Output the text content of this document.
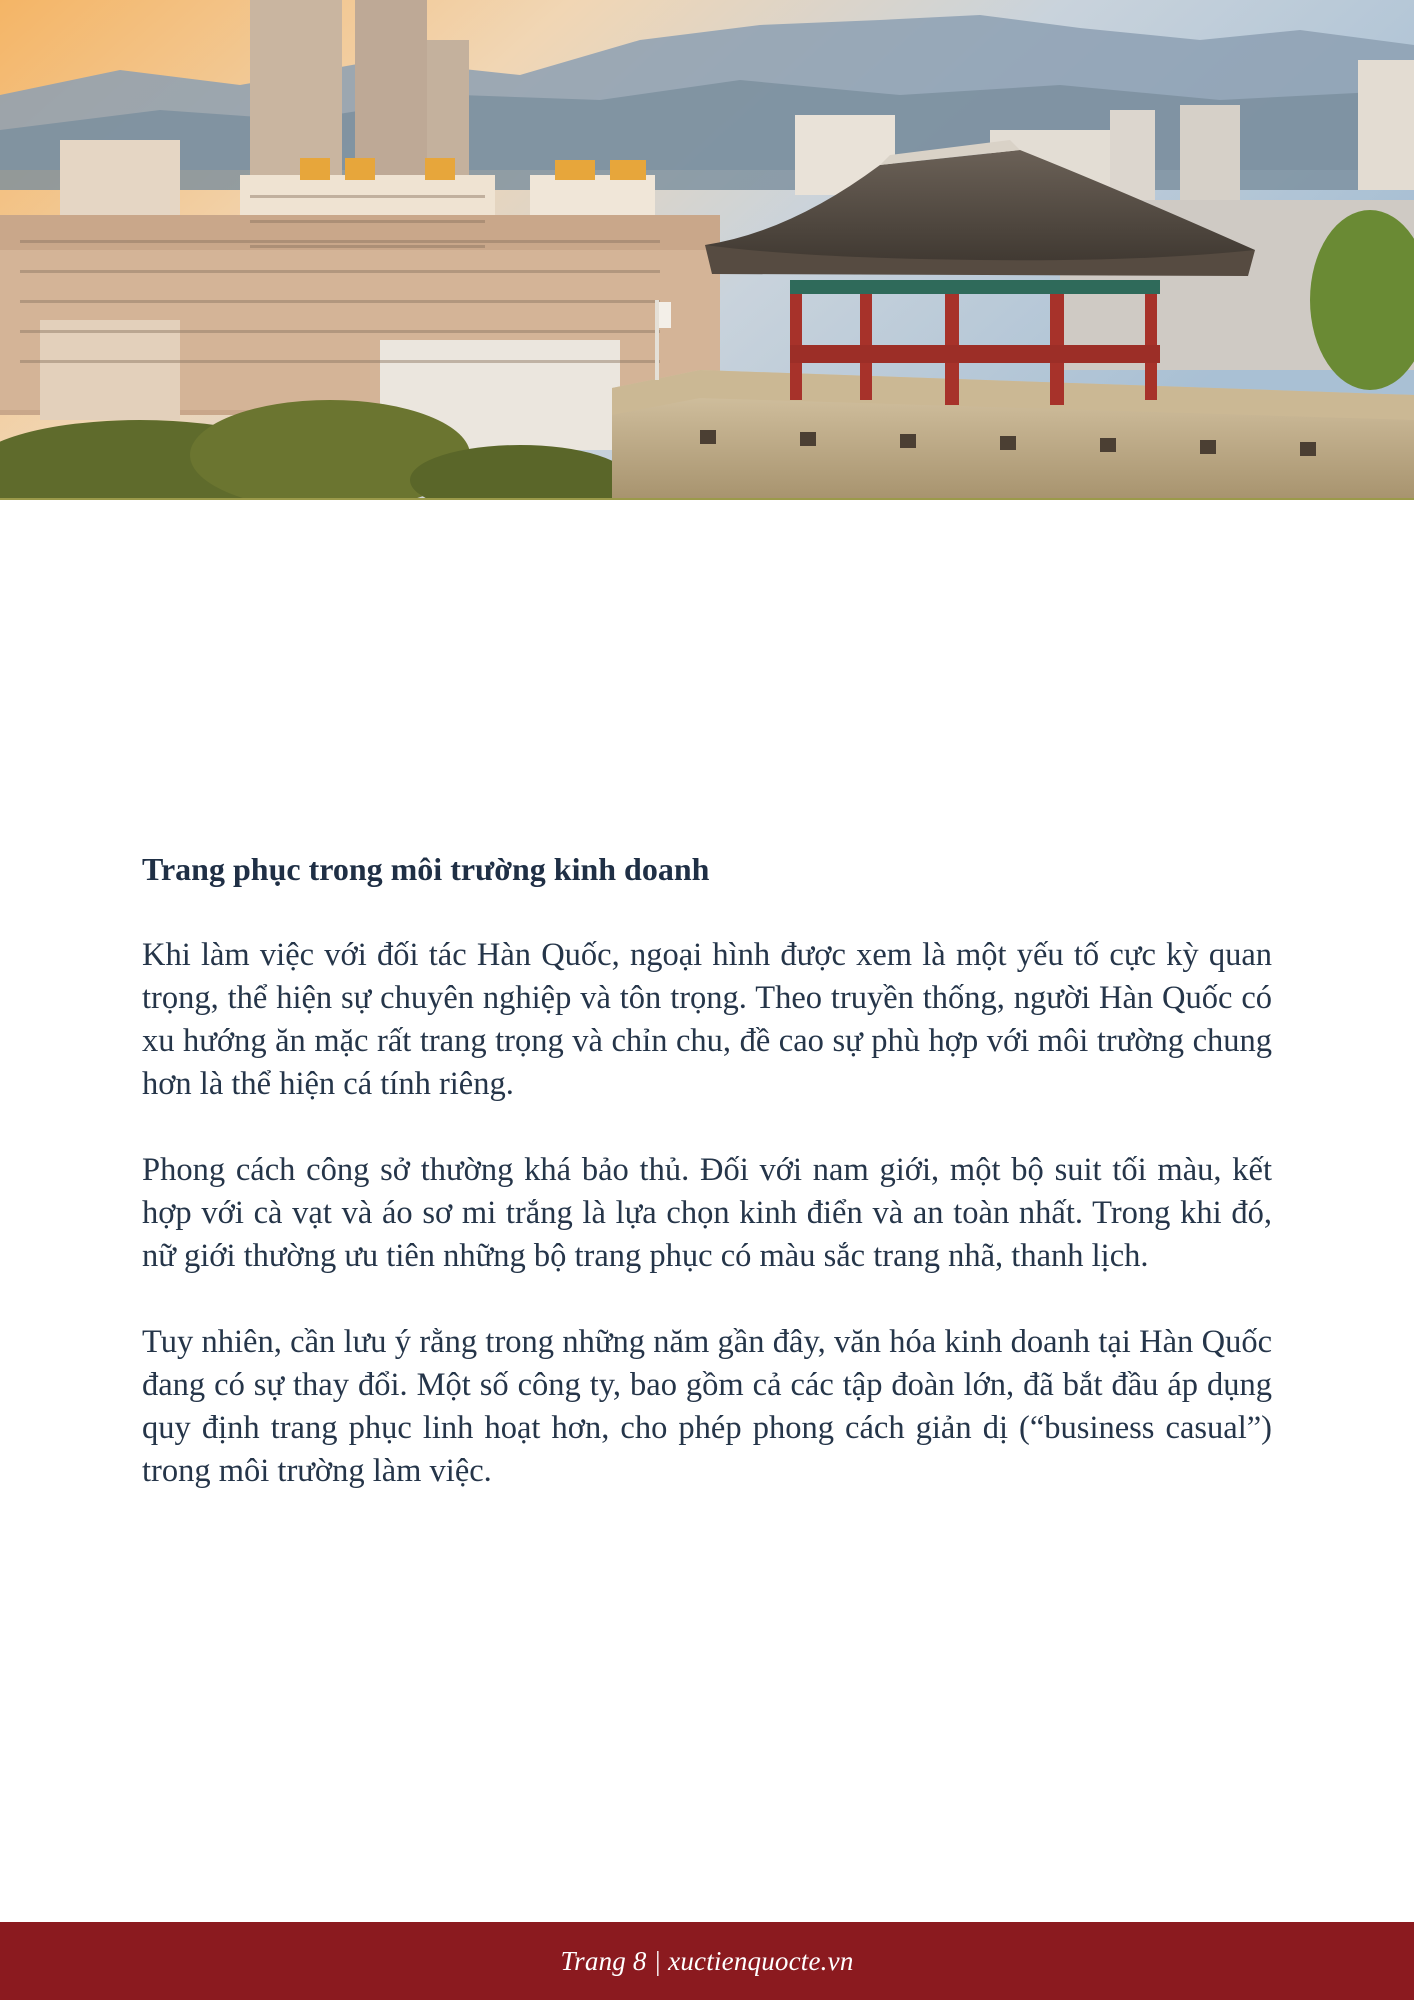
Trang phục trong môi trường kinh doanh

Khi làm việc với đối tác Hàn Quốc, ngoại hình được xem là một yếu tố cực kỳ quan trọng, thể hiện sự chuyên nghiệp và tôn trọng. Theo truyền thống, người Hàn Quốc có xu hướng ăn mặc rất trang trọng và chỉn chu, đề cao sự phù hợp với môi trường chung hơn là thể hiện cá tính riêng.

Phong cách công sở thường khá bảo thủ. Đối với nam giới, một bộ suit tối màu, kết hợp với cà vạt và áo sơ mi trắng là lựa chọn kinh điển và an toàn nhất. Trong khi đó, nữ giới thường ưu tiên những bộ trang phục có màu sắc trang nhã, thanh lịch.

Tuy nhiên, cần lưu ý rằng trong những năm gần đây, văn hóa kinh doanh tại Hàn Quốc đang có sự thay đổi. Một số công ty, bao gồm cả các tập đoàn lớn, đã bắt đầu áp dụng quy định trang phục linh hoạt hơn, cho phép phong cách giản dị (“business casual”) trong môi trường làm việc.

Trang 8 | xuctienquocte.vn
